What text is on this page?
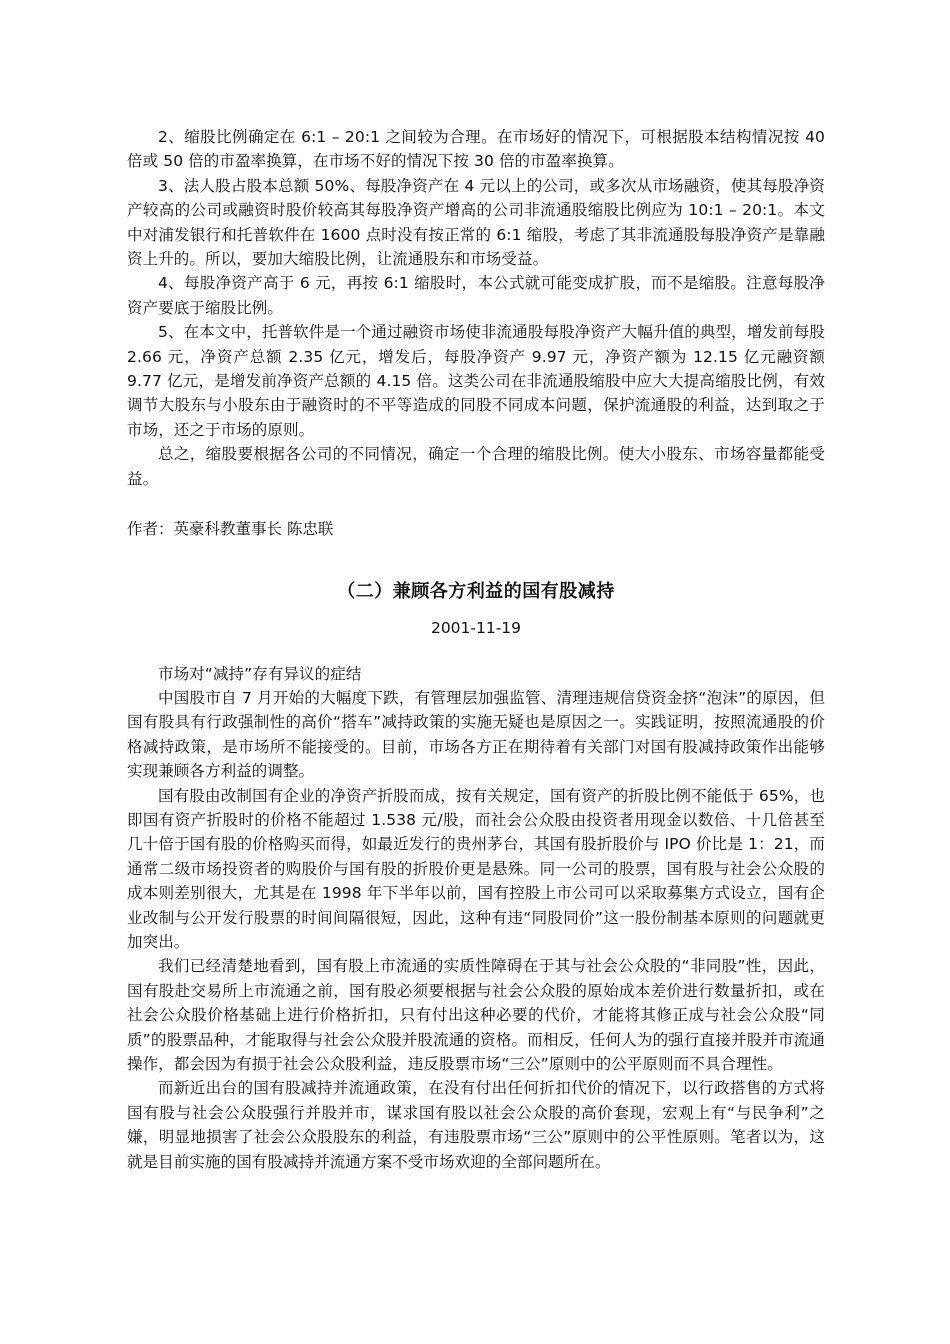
2、缩股比例确定在 6:1 – 20:1 之间较为合理。在市场好的情况下，可根据股本结构情况按 40 倍或 50 倍的市盈率换算，在市场不好的情况下按 30 倍的市盈率换算。

3、法人股占股本总额 50%、每股净资产在 4 元以上的公司，或多次从市场融资，使其每股净资产较高的公司或融资时股价较高其每股净资产增高的公司非流通股缩股比例应为 10:1 – 20:1。本文中对浦发银行和托普软件在 1600 点时没有按正常的 6:1 缩股，考虑了其非流通股每股净资产是靠融资上升的。所以，要加大缩股比例，让流通股东和市场受益。

4、每股净资产高于 6 元，再按 6:1 缩股时，本公式就可能变成扩股，而不是缩股。注意每股净资产要底于缩股比例。

5、在本文中，托普软件是一个通过融资市场使非流通股每股净资产大幅升值的典型，增发前每股 2.66 元，净资产总额 2.35 亿元，增发后，每股净资产 9.97 元，净资产额为 12.15 亿元融资额 9.77 亿元，是增发前净资产总额的 4.15 倍。这类公司在非流通股缩股中应大大提高缩股比例，有效调节大股东与小股东由于融资时的不平等造成的同股不同成本问题，保护流通股的利益，达到取之于市场，还之于市场的原则。

总之，缩股要根据各公司的不同情况，确定一个合理的缩股比例。使大小股东、市场容量都能受益。

作者：英豪科教董事长 陈忠联

（二）兼顾各方利益的国有股减持
2001-11-19

市场对“减持”存有异议的症结

中国股市自 7 月开始的大幅度下跌，有管理层加强监管、清理违规信贷资金挤“泡沫”的原因，但国有股具有行政强制性的高价“搭车”减持政策的实施无疑也是原因之一。实践证明，按照流通股的价格减持政策，是市场所不能接受的。目前，市场各方正在期待着有关部门对国有股减持政策作出能够实现兼顾各方利益的调整。

国有股由改制国有企业的净资产折股而成，按有关规定，国有资产的折股比例不能低于 65%，也即国有资产折股时的价格不能超过 1.538 元/股，而社会公众股由投资者用现金以数倍、十几倍甚至几十倍于国有股的价格购买而得，如最近发行的贵州茅台，其国有股折股价与 IPO 价比是 1：21，而通常二级市场投资者的购股价与国有股的折股价更是悬殊。同一公司的股票，国有股与社会公众股的成本则差别很大，尤其是在 1998 年下半年以前，国有控股上市公司可以采取募集方式设立，国有企业改制与公开发行股票的时间间隔很短，因此，这种有违“同股同价”这一股份制基本原则的问题就更加突出。

我们已经清楚地看到，国有股上市流通的实质性障碍在于其与社会公众股的“非同股”性，因此，国有股赴交易所上市流通之前，国有股必须要根据与社会公众股的原始成本差价进行数量折扣，或在社会公众股价格基础上进行价格折扣，只有付出这种必要的代价，才能将其修正成与社会公众股“同质”的股票品种，才能取得与社会公众股并股流通的资格。而相反，任何人为的强行直接并股并市流通操作，都会因为有损于社会公众股利益，违反股票市场“三公”原则中的公平原则而不具合理性。

而新近出台的国有股减持并流通政策，在没有付出任何折扣代价的情况下，以行政搭售的方式将国有股与社会公众股强行并股并市，谋求国有股以社会公众股的高价套现，宏观上有“与民争利”之嫌，明显地损害了社会公众股股东的利益，有违股票市场“三公”原则中的公平性原则。笔者以为，这就是目前实施的国有股减持并流通方案不受市场欢迎的全部问题所在。
